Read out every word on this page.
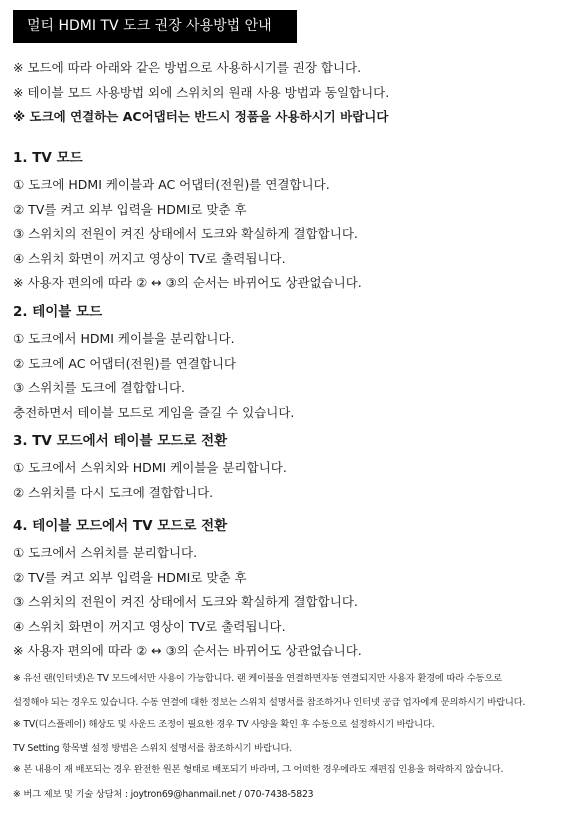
멀티 HDMI TV 도크 권장 사용방법 안내
※ 모드에 따라 아래와 같은 방법으로 사용하시기를 권장 합니다.
※ 테이블 모드 사용방법 외에 스위치의 원래 사용 방법과 동일합니다.
※ 도크에 연결하는 AC어댑터는 반드시 정품을 사용하시기 바랍니다
1. TV 모드
① 도크에 HDMI 케이블과 AC 어댑터(전원)를 연결합니다.
② TV를 켜고 외부 입력을 HDMI로 맞춘 후
③ 스위치의 전원이 켜진 상태에서 도크와 확실하게 결합합니다.
④ 스위치 화면이 꺼지고 영상이 TV로 출력됩니다.
※ 사용자 편의에 따라 ② ↔ ③의 순서는 바뀌어도 상관없습니다.
2. 테이블 모드
① 도크에서 HDMI 케이블을 분리합니다.
② 도크에 AC 어댑터(전원)를 연결합니다
③ 스위치를 도크에 결합합니다.
충전하면서 테이블 모드로 게임을 즐길 수 있습니다.
3. TV 모드에서 테이블 모드로 전환
① 도크에서 스위치와 HDMI 케이블을 분리합니다.
② 스위치를 다시 도크에 결합합니다.
4. 테이블 모드에서 TV 모드로 전환
① 도크에서 스위치를 분리합니다.
② TV를 켜고 외부 입력을 HDMI로 맞춘 후
③ 스위치의 전원이 켜진 상태에서 도크와 확실하게 결합합니다.
④ 스위치 화면이 꺼지고 영상이 TV로 출력됩니다.
※ 사용자 편의에 따라 ② ↔ ③의 순서는 바뀌어도 상관없습니다.
※ 유선 랜(인터넷)은 TV 모드에서만 사용이 가능합니다. 랜 케이블을 연결하면자동 연결되지만 사용자 환경에 따라 수동으로
설정해야 되는 경우도 있습니다. 수동 연결에 대한 정보는 스위치 설명서를 참조하거나 인터넷 공급 업자에게 문의하시기 바랍니다.
※ TV(디스플레이) 해상도 및 사운드 조정이 필요한 경우 TV 사양을 확인 후 수동으로 설정하시기 바랍니다.
TV Setting 항목별 설정 방법은 스위치 설명서를 참조하시기 바랍니다.
※ 본 내용이 재 배포되는 경우 완전한 원본 형태로 배포되기 바라며, 그 어떠한 경우에라도 재편집 인용을 허락하지 않습니다.
※ 버그 제보 및 기술 상담처 : joytron69@hanmail.net / 070-7438-5823
